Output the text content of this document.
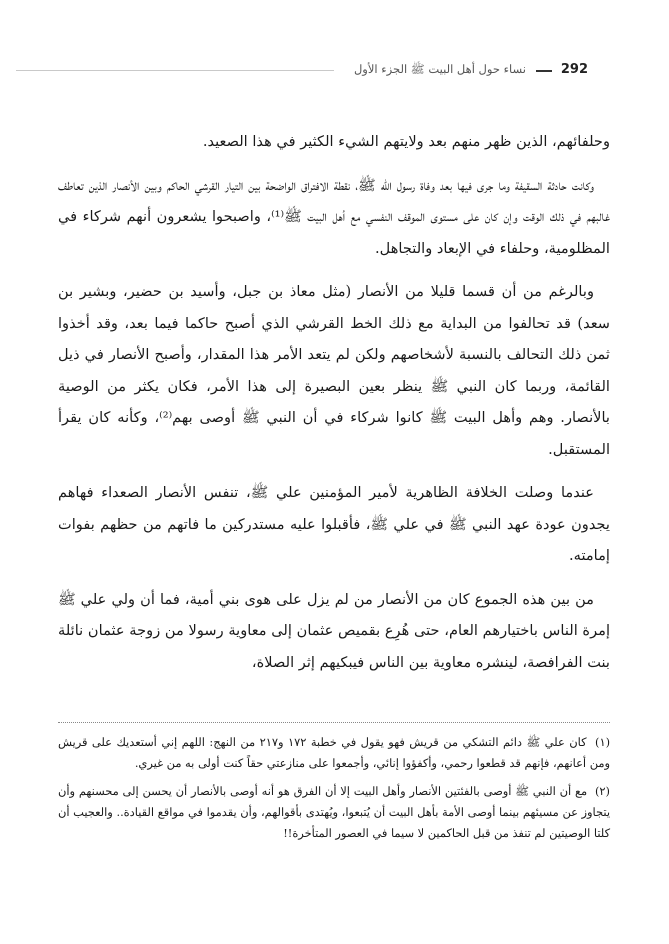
نساء حول أهل البيت ﷺ الجزء الأول	292

وحلفائهم، الذين ظهر منهم بعد ولايتهم الشيء الكثير في هذا الصعيد.

وكانت حادثة السقيفة وما جرى فيها بعد وفاة رسول الله ﷺ، نقطة الافتراق الواضحة بين التيار القرشي الحاكم وبين الأنصار الذين تعاطف غالبهم في ذلك الوقت وإن كان على مستوى الموقف النفسي مع أهل البيت ﷺ⁽¹⁾، واصبحوا يشعرون أنهم شركاء في المظلومية، وحلفاء في الإبعاد والتجاهل.

وبالرغم من أن قسما قليلا من الأنصار (مثل معاذ بن جبل، وأسيد بن حضير، وبشير بن سعد) قد تحالفوا من البداية مع ذلك الخط القرشي الذي أصبح حاكما فيما بعد، وقد أخذوا ثمن ذلك التحالف بالنسبة لأشخاصهم ولكن لم يتعد الأمر هذا المقدار، وأصبح الأنصار في ذيل القائمة، وربما كان النبي ﷺ ينظر بعين البصيرة إلى هذا الأمر، فكان يكثر من الوصية بالأنصار. وهم وأهل البيت ﷺ كانوا شركاء في أن النبي ﷺ أوصى بهم⁽²⁾، وكأنه كان يقرأ المستقبل.

عندما وصلت الخلافة الظاهرية لأمير المؤمنين علي ﷺ، تنفس الأنصار الصعداء فهاهم يجدون عودة عهد النبي ﷺ في علي ﷺ، فأقبلوا عليه مستدركين ما فاتهم من حظهم بفوات إمامته.

من بين هذه الجموع كان من الأنصار من لم يزل على هوى بني أمية، فما أن ولي علي ﷺ إمرة الناس باختيارهم العام، حتى هُرِع بقميص عثمان إلى معاوية رسولا من زوجة عثمان نائلة بنت الفرافصة، لينشره معاوية بين الناس فيبكيهم إثر الصلاة،

(١) كان علي ﷺ دائم التشكي من قريش فهو يقول في خطبة ١٧٢ و٢١٧ من النهج: اللهم إني أستعديك على قريش ومن أعانهم، فإنهم قد قطعوا رحمي، وأكفؤوا إنائي، وأجمعوا على منازعتي حقاً كنت أولى به من غيري.

(٢) مع أن النبي ﷺ أوصى بالفئتين الأنصار وأهل البيت إلا أن الفرق هو أنه أوصى بالأنصار أن يحسن إلى محسنهم وأن يتجاوز عن مسيئهم بينما أوصى الأمة بأهل البيت أن يُتبعوا، ويُهتدى بأقوالهم، وأن يقدموا في مواقع القيادة.. والعجيب أن كلتا الوصيتين لم تنفذ من قبل الحاكمين لا سيما في العصور المتأخرة!!
